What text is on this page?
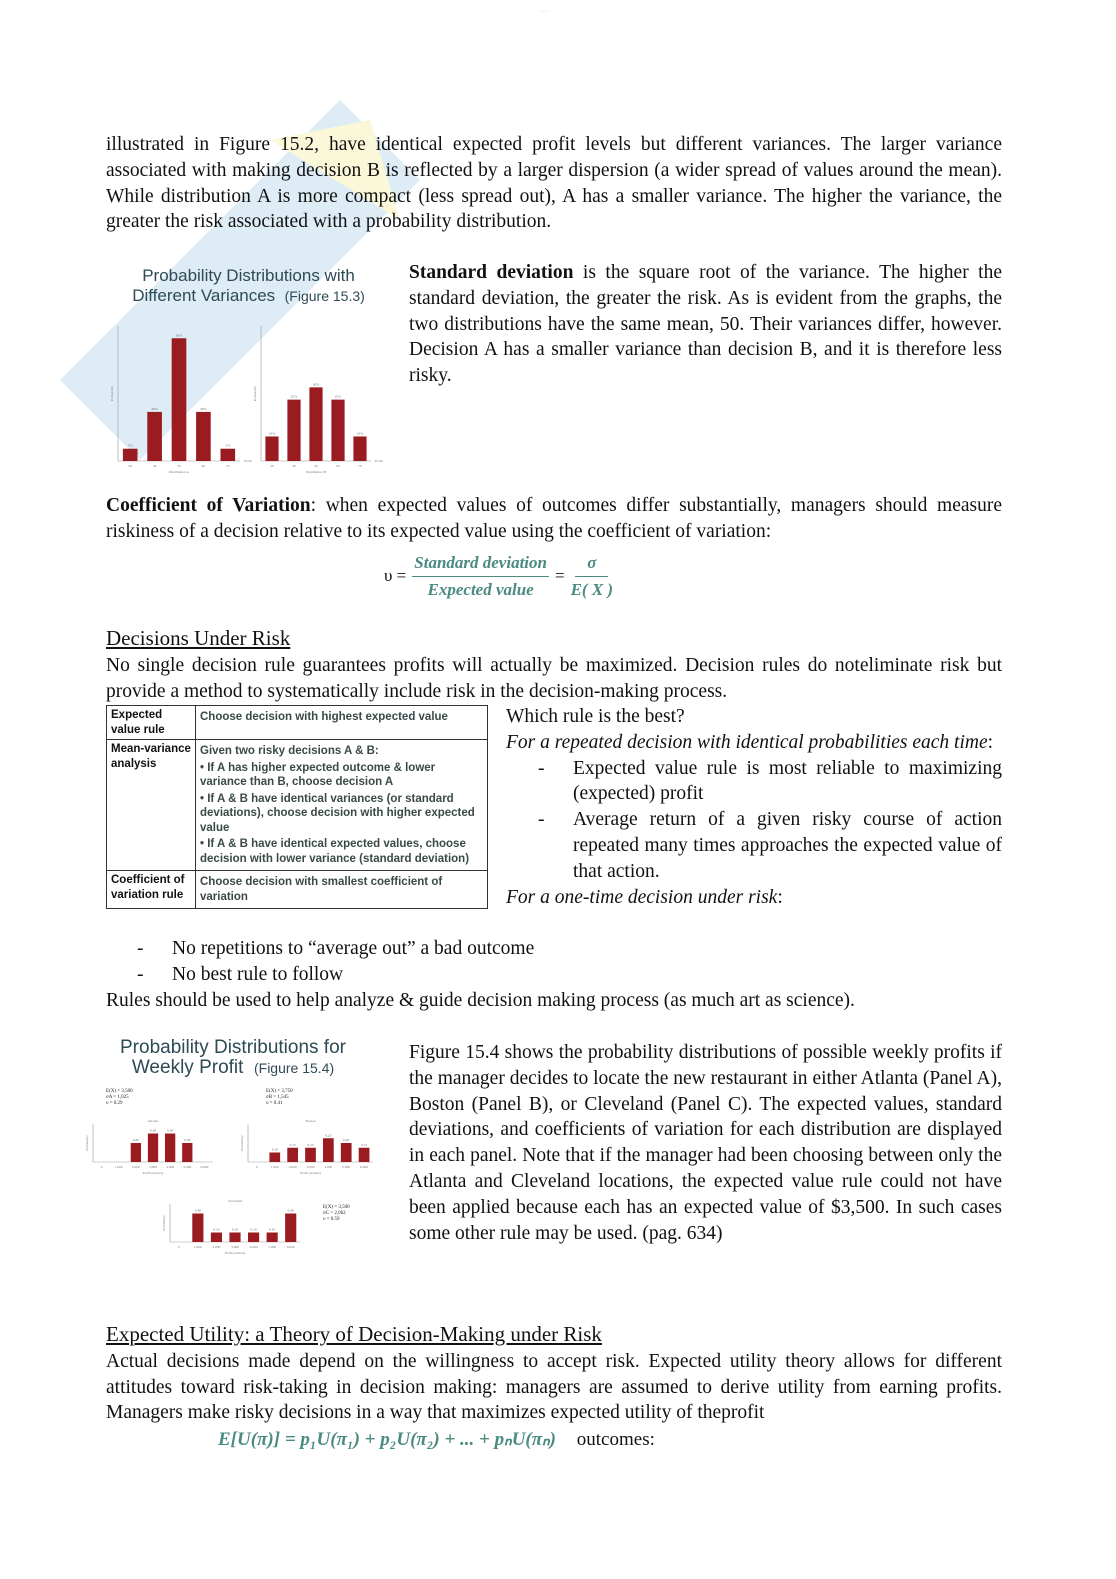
·····

illustrated in Figure 15.2, have identical expected profit levels but different variances. The larger variance associated with making decision B is reflected by a larger dispersion (a wider spread of values around the mean). While distribution A is more compact (less spread out), A has a smaller variance. The higher the variance, the greater the risk associated with a probability distribution.

Probability Distributions with
Different Variances (Figure 15.3)
5%
20
20%
40
50%
50
20%
60
5%
70
Distribution A
Probability
Profit
10%
20
25%
40
30%
50
25%
60
10%
70
Distribution B
Probability
Profit

Standard deviation is the square root of the variance. The higher the standard deviation, the greater the risk. As is evident from the graphs, the two distributions have the same mean, 50. Their variances differ, however. Decision A has a smaller variance than decision B, and it is therefore less risky.

Coefficient of Variation: when expected values of outcomes differ substantially, managers should measure riskiness of a decision relative to its expected value using the coefficient of variation:

υ =
Standard deviation
Expected value
= $\frac{\sigma}{E( X )}$
Decisions Under Risk

No single decision rule guarantees profits will actually be maximized. Decision rules do noteliminate risk but provide a method to systematically include risk in the decision-making process.

Expected value rule	Choose decision with highest expected value

Mean-variance analysis	Given two risky decisions A & B:
• If A has higher expected outcome & lower variance than B, choose decision A
• If A & B have identical variances (or standard deviations), choose decision with higher expected value
• If A & B have identical expected values, choose decision with lower variance (standard deviation)

Coefficient of variation rule	Choose decision with smallest coefficient of variation
Which rule is the best?

For a repeated decision with identical probabilities each time:

- Expected value rule is most reliable to maximizing (expected) profit

- Average return of a given risky course of action repeated many times approaches the expected value of that action.

For a one-time decision under risk:
- No repetitions to “average out” a bad outcome
- No best rule to follow
Rules should be used to help analyze & guide decision making process (as much art as science).
Probability Distributions for
Weekly Profit (Figure 15.4)
0	1,000
0.20
2,000
0.30
3,000
0.30
4,000
0.20
5,000	6,000
Profit (dollars)
Probability
Atlanta
E(X) = 3,500
σA = 1,025
υ = 0.29
0
0.10
1,000
0.15
2,000
0.15
3,000
0.25
4,000
0.20
5,000
0.15
6,000
Profit (dollars)
Probability
Boston
E(X) = 3,750
σB = 1,545
υ = 0.41
0
0.30
1,000
0.10
2,000
0.10
3,000
0.10
4,000
0.10
5,000
0.30
6,000
Profit (dollars)
Probability
Cleveland
E(X) = 3,500
σC = 2,062
υ = 0.59

Figure 15.4 shows the probability distributions of possible weekly profits if the manager decides to locate the new restaurant in either Atlanta (Panel A), Boston (Panel B), or Cleveland (Panel C). The expected values, standard deviations, and coefficients of variation for each distribution are displayed in each panel. Note that if the manager had been choosing between only the Atlanta and Cleveland locations, the expected value rule could not have been applied because each has an expected value of $3,500. In such cases some other rule may be used. (pag. 634)

Expected Utility: a Theory of Decision-Making under Risk

Actual decisions made depend on the willingness to accept risk. Expected utility theory allows for different attitudes toward risk-taking in decision making: managers are assumed to derive utility from earning profits. Managers make risky decisions in a way that maximizes expected utility of theprofit

E[U(π)] = p₁U(π₁) + p₂U(π₂) + ... + pₙU(πₙ) outcomes:
